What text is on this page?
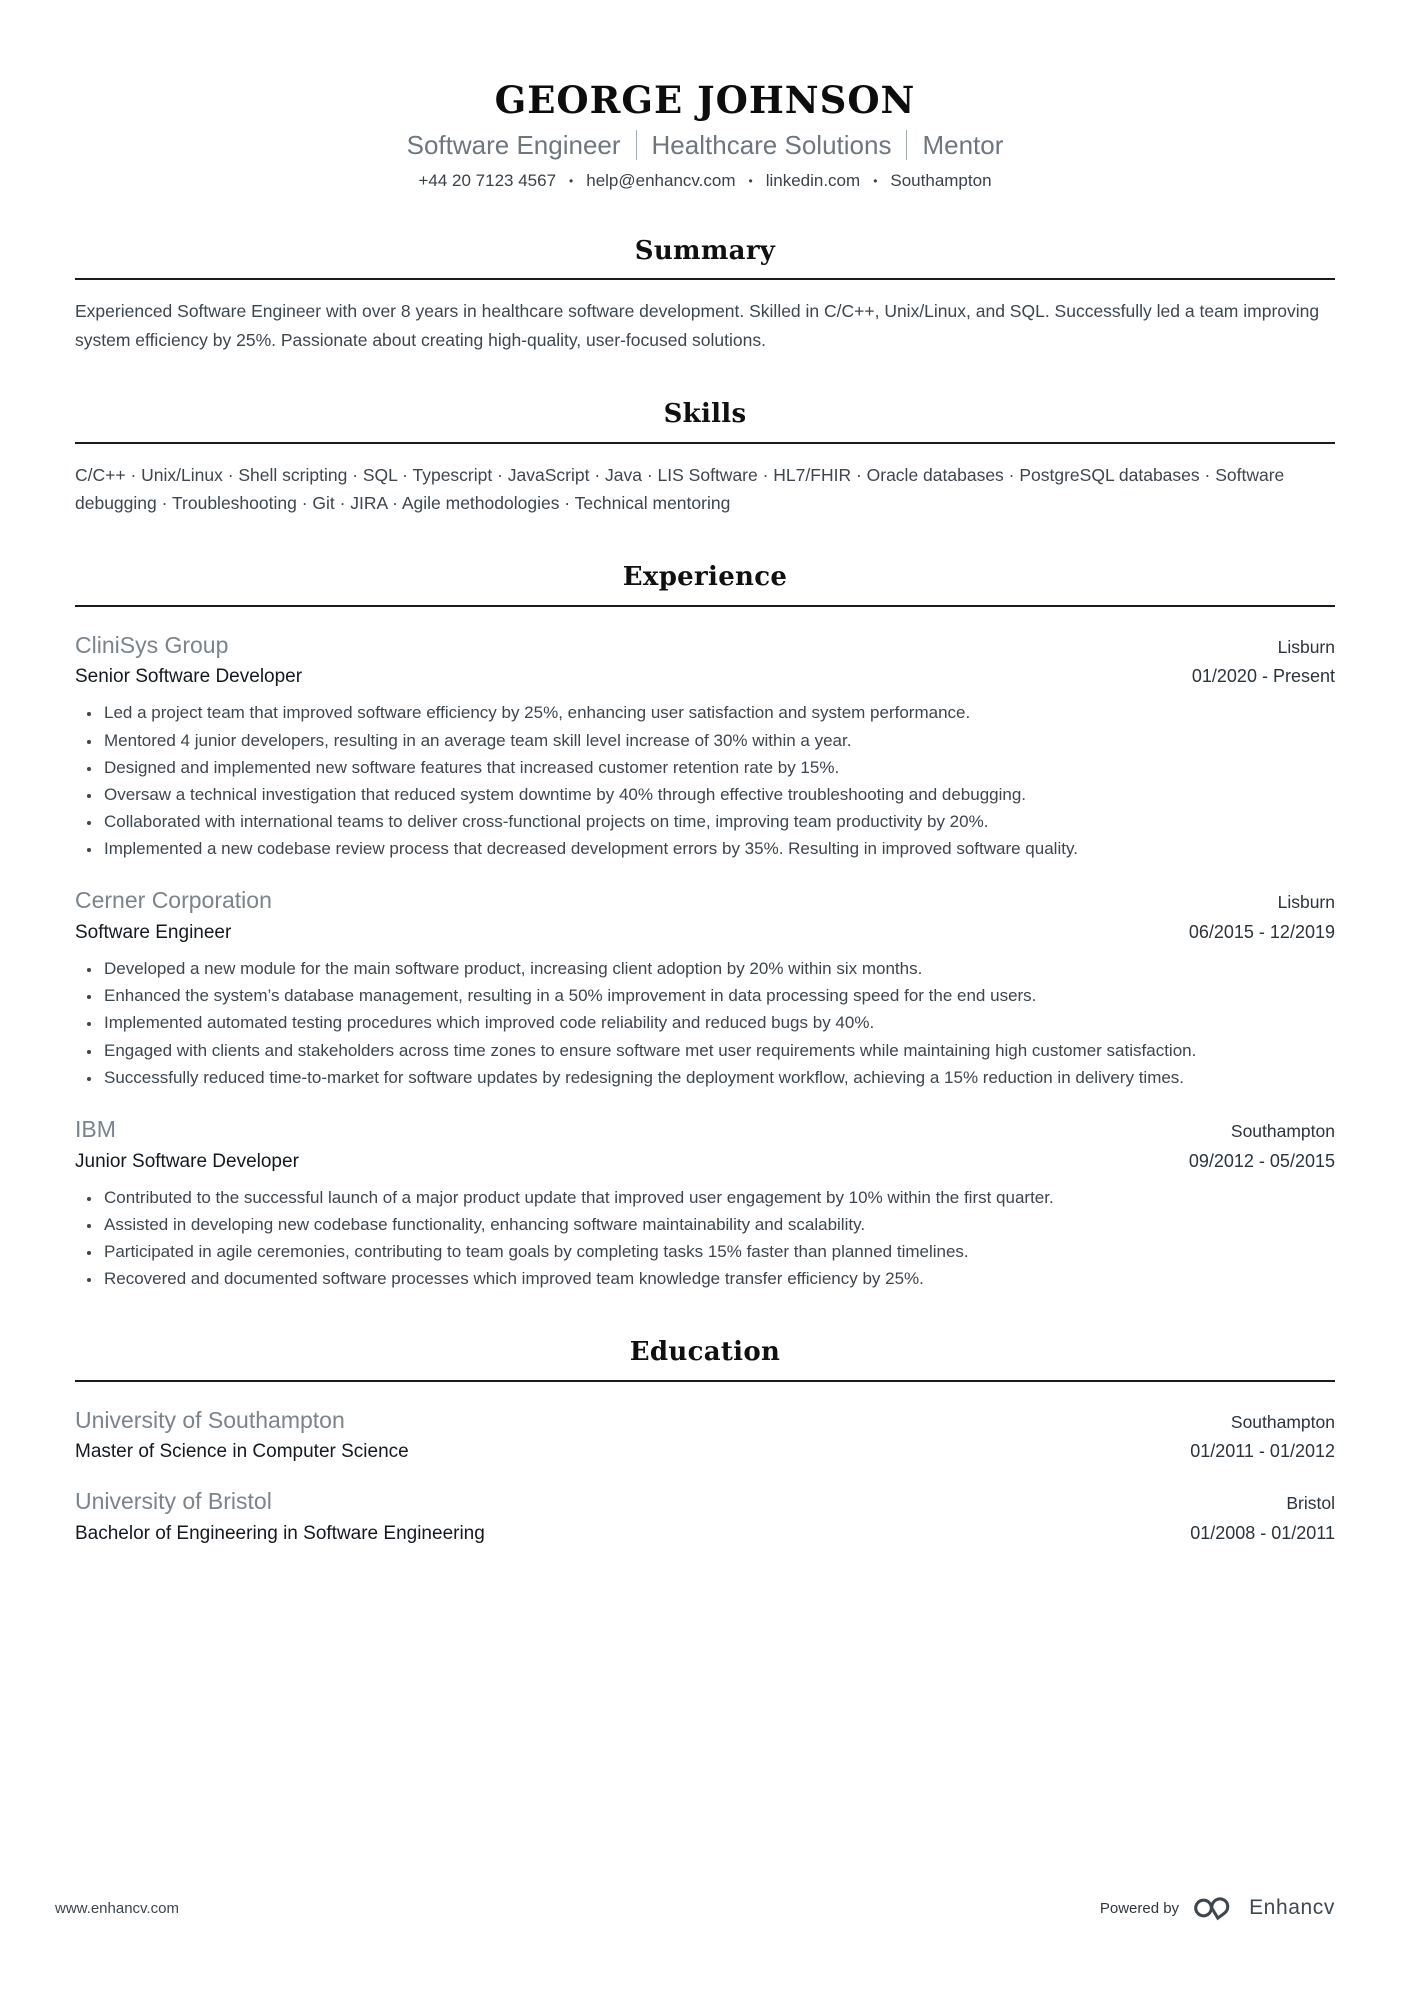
GEORGE JOHNSON
Software Engineer Healthcare Solutions Mentor
+44 20 7123 4567 • help@enhancv.com • linkedin.com • Southampton
Summary
Experienced Software Engineer with over 8 years in healthcare software development. Skilled in C/C++, Unix/Linux, and SQL. Successfully led a team improving system efficiency by 25%. Passionate about creating high-quality, user-focused solutions.
Skills
C/C++ · Unix/Linux · Shell scripting · SQL · Typescript · JavaScript · Java · LIS Software · HL7/FHIR · Oracle databases · PostgreSQL databases · Software debugging · Troubleshooting · Git · JIRA · Agile methodologies · Technical mentoring
Experience
CliniSys Group	Lisburn
Senior Software Developer	01/2020 - Present
• Led a project team that improved software efficiency by 25%, enhancing user satisfaction and system performance.
• Mentored 4 junior developers, resulting in an average team skill level increase of 30% within a year.
• Designed and implemented new software features that increased customer retention rate by 15%.
• Oversaw a technical investigation that reduced system downtime by 40% through effective troubleshooting and debugging.
• Collaborated with international teams to deliver cross-functional projects on time, improving team productivity by 20%.
• Implemented a new codebase review process that decreased development errors by 35%. Resulting in improved software quality.
Cerner Corporation	Lisburn
Software Engineer	06/2015 - 12/2019
• Developed a new module for the main software product, increasing client adoption by 20% within six months.
• Enhanced the system’s database management, resulting in a 50% improvement in data processing speed for the end users.
• Implemented automated testing procedures which improved code reliability and reduced bugs by 40%.
• Engaged with clients and stakeholders across time zones to ensure software met user requirements while maintaining high customer satisfaction.
• Successfully reduced time-to-market for software updates by redesigning the deployment workflow, achieving a 15% reduction in delivery times.
IBM	Southampton
Junior Software Developer	09/2012 - 05/2015
• Contributed to the successful launch of a major product update that improved user engagement by 10% within the first quarter.
• Assisted in developing new codebase functionality, enhancing software maintainability and scalability.
• Participated in agile ceremonies, contributing to team goals by completing tasks 15% faster than planned timelines.
• Recovered and documented software processes which improved team knowledge transfer efficiency by 25%.
Education
University of Southampton	Southampton
Master of Science in Computer Science	01/2011 - 01/2012
University of Bristol	Bristol
Bachelor of Engineering in Software Engineering	01/2008 - 01/2011
www.enhancv.com	Powered by	Enhancv
